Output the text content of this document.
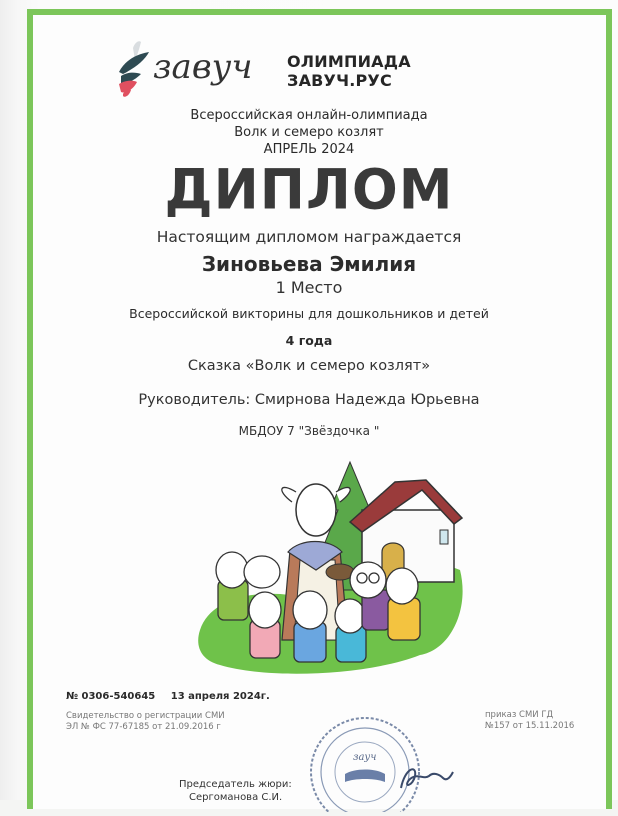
завуч ОЛИМПИАДА
ЗАВУЧ.РУС
Всероссийская онлайн-олимпиада
Волк и семеро козлят
АПРЕЛЬ 2024
ДИПЛОМ
Настоящим дипломом награждается
Зиновьева Эмилия
1 Место
Всероссийской викторины для дошкольников и детей
4 года
Сказка «Волк и семеро козлят»
Руководитель: Смирнова Надежда Юрьевна
МБДОУ 7 "Звёздочка "
№ 0306-540645 13 апреля 2024г.
Свидетельство о регистрации СМИ
ЭЛ № ФС 77-67185 от 21.09.2016 г
приказ СМИ ГД
№157 от 15.11.2016
зауч
Председатель жюри:
Сергоманова С.И.
